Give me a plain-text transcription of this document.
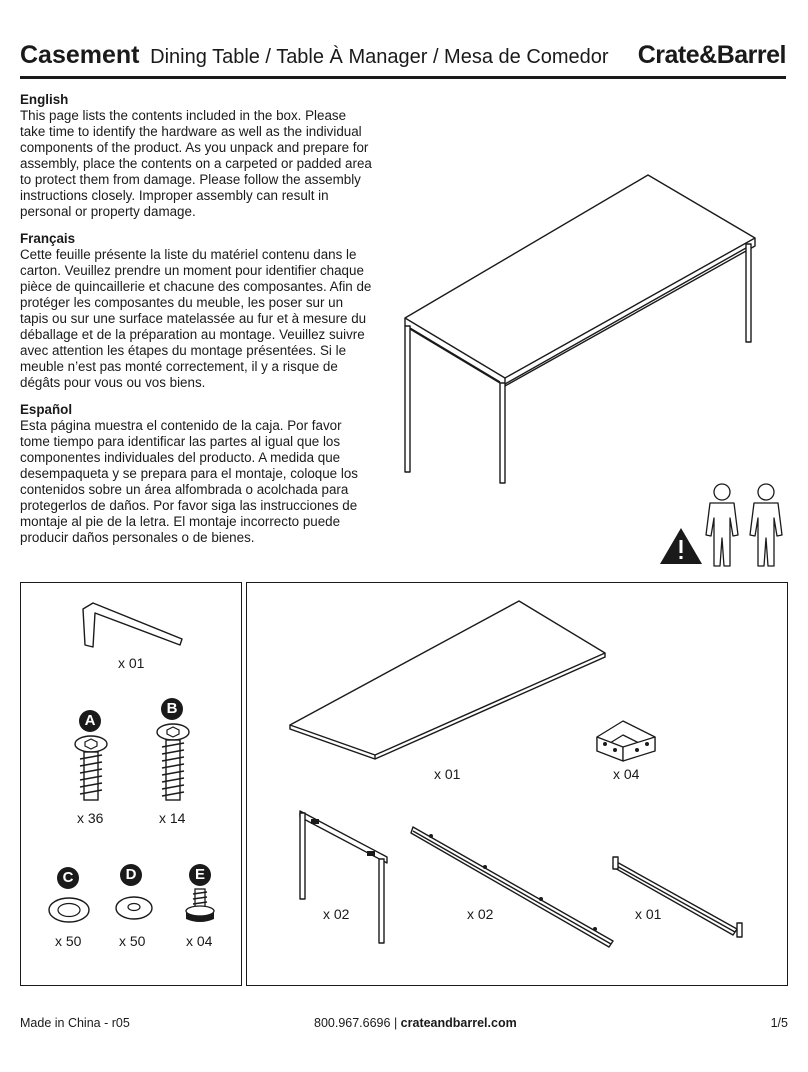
Casement Dining Table / Table À Manager / Mesa de Comedor Crate&Barrel
English

This page lists the contents included in the box. Please take time to identify the hardware as well as the individual components of the product. As you unpack and prepare for assembly, place the contents on a carpeted or padded area to protect them from damage. Please follow the assembly instructions closely. Improper assembly can result in personal or property damage.

Français

Cette feuille présente la liste du matériel contenu dans le carton. Veuillez prendre un moment pour identifier chaque pièce de quincaillerie et chacune des composantes. Afin de protéger les composantes du meuble, les poser sur un tapis ou sur une surface matelassée au fur et à mesure du déballage et de la préparation au montage. Veuillez suivre avec attention les étapes du montage présentées. Si le meuble n’est pas monté correctement, il y a risque de dégâts pour vous ou vos biens.

Español

Esta página muestra el contenido de la caja. Por favor tome tiempo para identificar las partes al igual que los componentes individuales del producto. A medida que desempaqueta y se prepara para el montaje, coloque los contenidos sobre un área alfombrada o acolchada para protegerlos de daños. Por favor siga las instrucciones de montaje al pie de la letra. El montaje incorrecto puede producir daños personales o de bienes.

x 01
A
x 36
B
x 14
C
x 50
D
x 50
E
x 04
x 01	x 04
x 02	x 02	x 01
Made in China - r05	800.967.6696 | crateandbarrel.com	1/5
